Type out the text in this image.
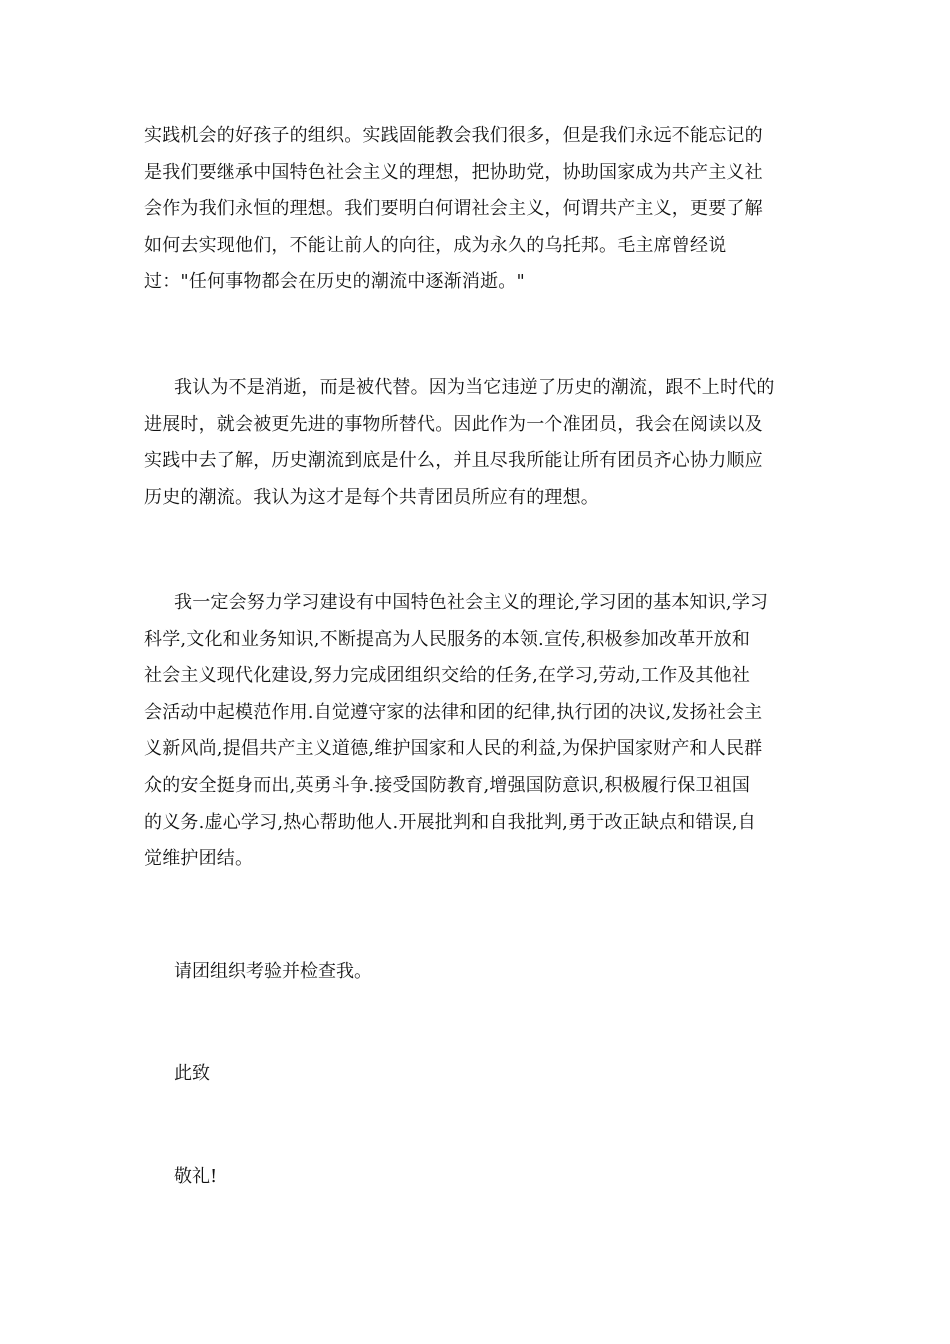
实践机会的好孩子的组织。实践固能教会我们很多，但是我们永远不能忘记的
是我们要继承中国特色社会主义的理想，把协助党，协助国家成为共产主义社
会作为我们永恒的理想。我们要明白何谓社会主义，何谓共产主义，更要了解
如何去实现他们，不能让前人的向往，成为永久的乌托邦。毛主席曾经说
过："任何事物都会在历史的潮流中逐渐消逝。"
我认为不是消逝，而是被代替。因为当它违逆了历史的潮流，跟不上时代的
进展时，就会被更先进的事物所替代。因此作为一个准团员，我会在阅读以及
实践中去了解，历史潮流到底是什么，并且尽我所能让所有团员齐心协力顺应
历史的潮流。我认为这才是每个共青团员所应有的理想。
我一定会努力学习建设有中国特色社会主义的理论,学习团的基本知识,学习
科学,文化和业务知识,不断提高为人民服务的本领.宣传,积极参加改革开放和
社会主义现代化建设,努力完成团组织交给的任务,在学习,劳动,工作及其他社
会活动中起模范作用.自觉遵守家的法律和团的纪律,执行团的决议,发扬社会主
义新风尚,提倡共产主义道德,维护国家和人民的利益,为保护国家财产和人民群
众的安全挺身而出,英勇斗争.接受国防教育,增强国防意识,积极履行保卫祖国
的义务.虚心学习,热心帮助他人.开展批判和自我批判,勇于改正缺点和错误,自
觉维护团结。

请团组织考验并检查我。

此致

敬礼!
